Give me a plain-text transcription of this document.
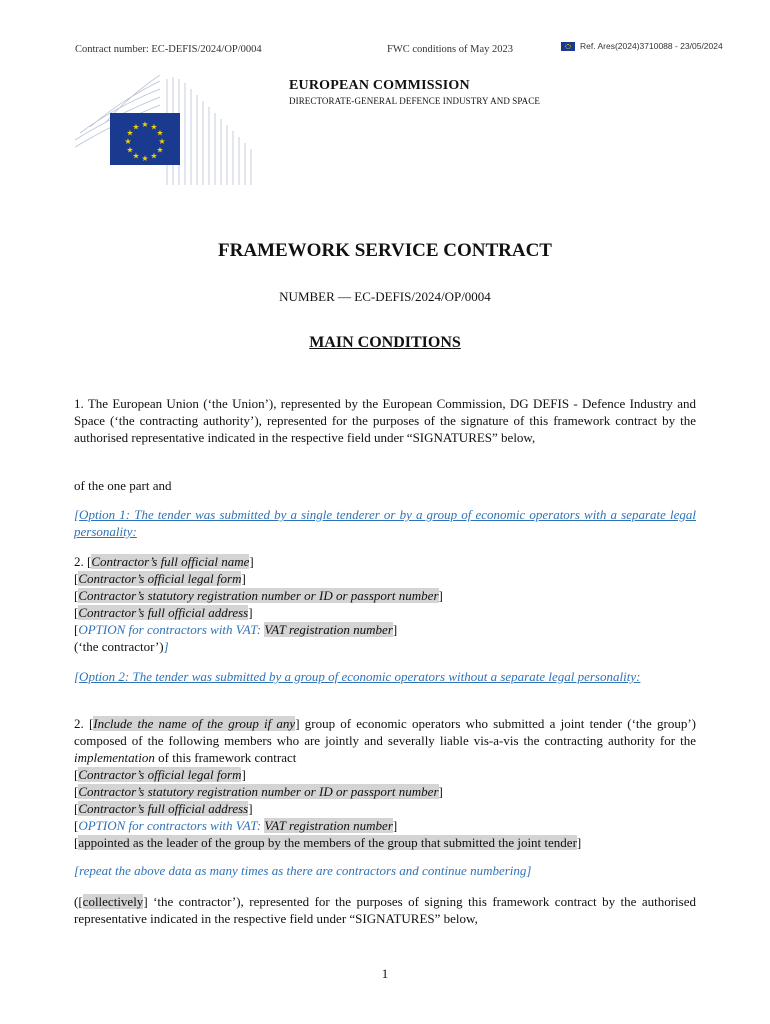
Contract number: EC-DEFIS/2024/OP/0004	FWC conditions of May 2023	Ref. Ares(2024)3710088 - 23/05/2024
★ ★
★
★
★
★
★
★
★
★
★
★
EUROPEAN COMMISSION
DIRECTORATE-GENERAL DEFENCE INDUSTRY AND SPACE
FRAMEWORK SERVICE CONTRACT
NUMBER — EC-DEFIS/2024/OP/0004
MAIN CONDITIONS
1. The European Union (‘the Union’), represented by the European Commission, DG DEFIS - Defence Industry and Space (‘the contracting authority’), represented for the purposes of the signature of this framework contract by the authorised representative indicated in the respective field under “SIGNATURES” below,
of the one part and
[Option 1: The tender was submitted by a single tenderer or by a group of economic operators with a separate legal personality:
2. [Contractor’s full official name]
[Contractor’s official legal form]
[Contractor’s statutory registration number or ID or passport number]
[Contractor’s full official address]
[OPTION for contractors with VAT: VAT registration number]
(‘the contractor’)]
[Option 2: The tender was submitted by a group of economic operators without a separate legal personality:
2. [Include the name of the group if any] group of economic operators who submitted a joint tender (‘the group’) composed of the following members who are jointly and severally liable vis-a-vis the contracting authority for the implementation of this framework contract
[Contractor’s official legal form]
[Contractor’s statutory registration number or ID or passport number]
[Contractor’s full official address]
[OPTION for contractors with VAT: VAT registration number]
[appointed as the leader of the group by the members of the group that submitted the joint tender]
[repeat the above data as many times as there are contractors and continue numbering]
([collectively] ‘the contractor’), represented for the purposes of signing this framework contract by the authorised representative indicated in the respective field under “SIGNATURES” below,
1
